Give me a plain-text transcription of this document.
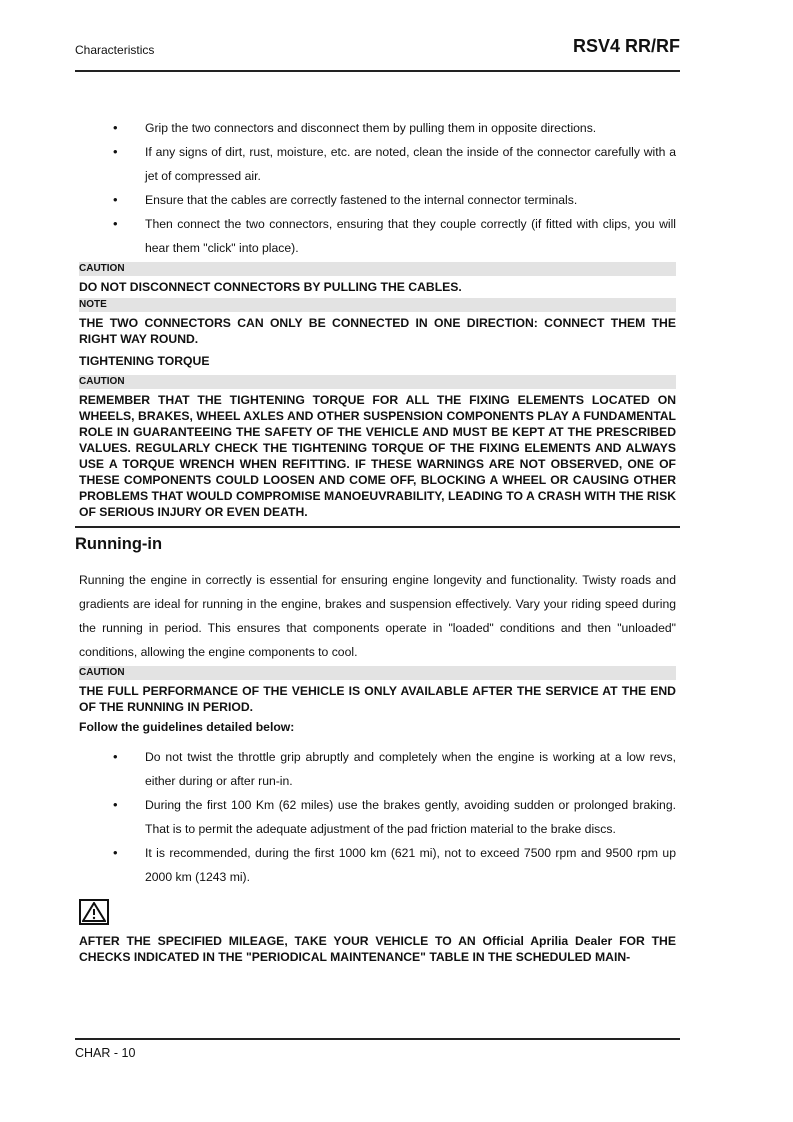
Characteristics	RSV4 RR/RF
• Grip the two connectors and disconnect them by pulling them in opposite directions.
• If any signs of dirt, rust, moisture, etc. are noted, clean the inside of the connector carefully with a jet of compressed air.
• Ensure that the cables are correctly fastened to the internal connector terminals.
• Then connect the two connectors, ensuring that they couple correctly (if fitted with clips, you will hear them "click" into place).
CAUTION
DO NOT DISCONNECT CONNECTORS BY PULLING THE CABLES.
NOTE
THE TWO CONNECTORS CAN ONLY BE CONNECTED IN ONE DIRECTION: CONNECT THEM THE RIGHT WAY ROUND.
TIGHTENING TORQUE
CAUTION
REMEMBER THAT THE TIGHTENING TORQUE FOR ALL THE FIXING ELEMENTS LOCATED ON WHEELS, BRAKES, WHEEL AXLES AND OTHER SUSPENSION COMPONENTS PLAY A FUNDAMENTAL ROLE IN GUARANTEEING THE SAFETY OF THE VEHICLE AND MUST BE KEPT AT THE PRESCRIBED VALUES. REGULARLY CHECK THE TIGHTENING TORQUE OF THE FIXING ELEMENTS AND ALWAYS USE A TORQUE WRENCH WHEN REFITTING. IF THESE WARNINGS ARE NOT OBSERVED, ONE OF THESE COMPONENTS COULD LOOSEN AND COME OFF, BLOCKING A WHEEL OR CAUSING OTHER PROBLEMS THAT WOULD COMPROMISE MANOEUVRABILITY, LEADING TO A CRASH WITH THE RISK OF SERIOUS INJURY OR EVEN DEATH.
Running-in
Running the engine in correctly is essential for ensuring engine longevity and functionality. Twisty roads and gradients are ideal for running in the engine, brakes and suspension effectively. Vary your riding speed during the running in period. This ensures that components operate in "loaded" conditions and then "unloaded" conditions, allowing the engine components to cool.
CAUTION
THE FULL PERFORMANCE OF THE VEHICLE IS ONLY AVAILABLE AFTER THE SERVICE AT THE END OF THE RUNNING IN PERIOD.
Follow the guidelines detailed below:
• Do not twist the throttle grip abruptly and completely when the engine is working at a low revs, either during or after run-in.
• During the first 100 Km (62 miles) use the brakes gently, avoiding sudden or prolonged braking. That is to permit the adequate adjustment of the pad friction material to the brake discs.
• It is recommended, during the first 1000 km (621 mi), not to exceed 7500 rpm and 9500 rpm up 2000 km (1243 mi).
AFTER THE SPECIFIED MILEAGE, TAKE YOUR VEHICLE TO AN Official Aprilia Dealer FOR THE CHECKS INDICATED IN THE "PERIODICAL MAINTENANCE" TABLE IN THE SCHEDULED MAIN-
CHAR - 10
